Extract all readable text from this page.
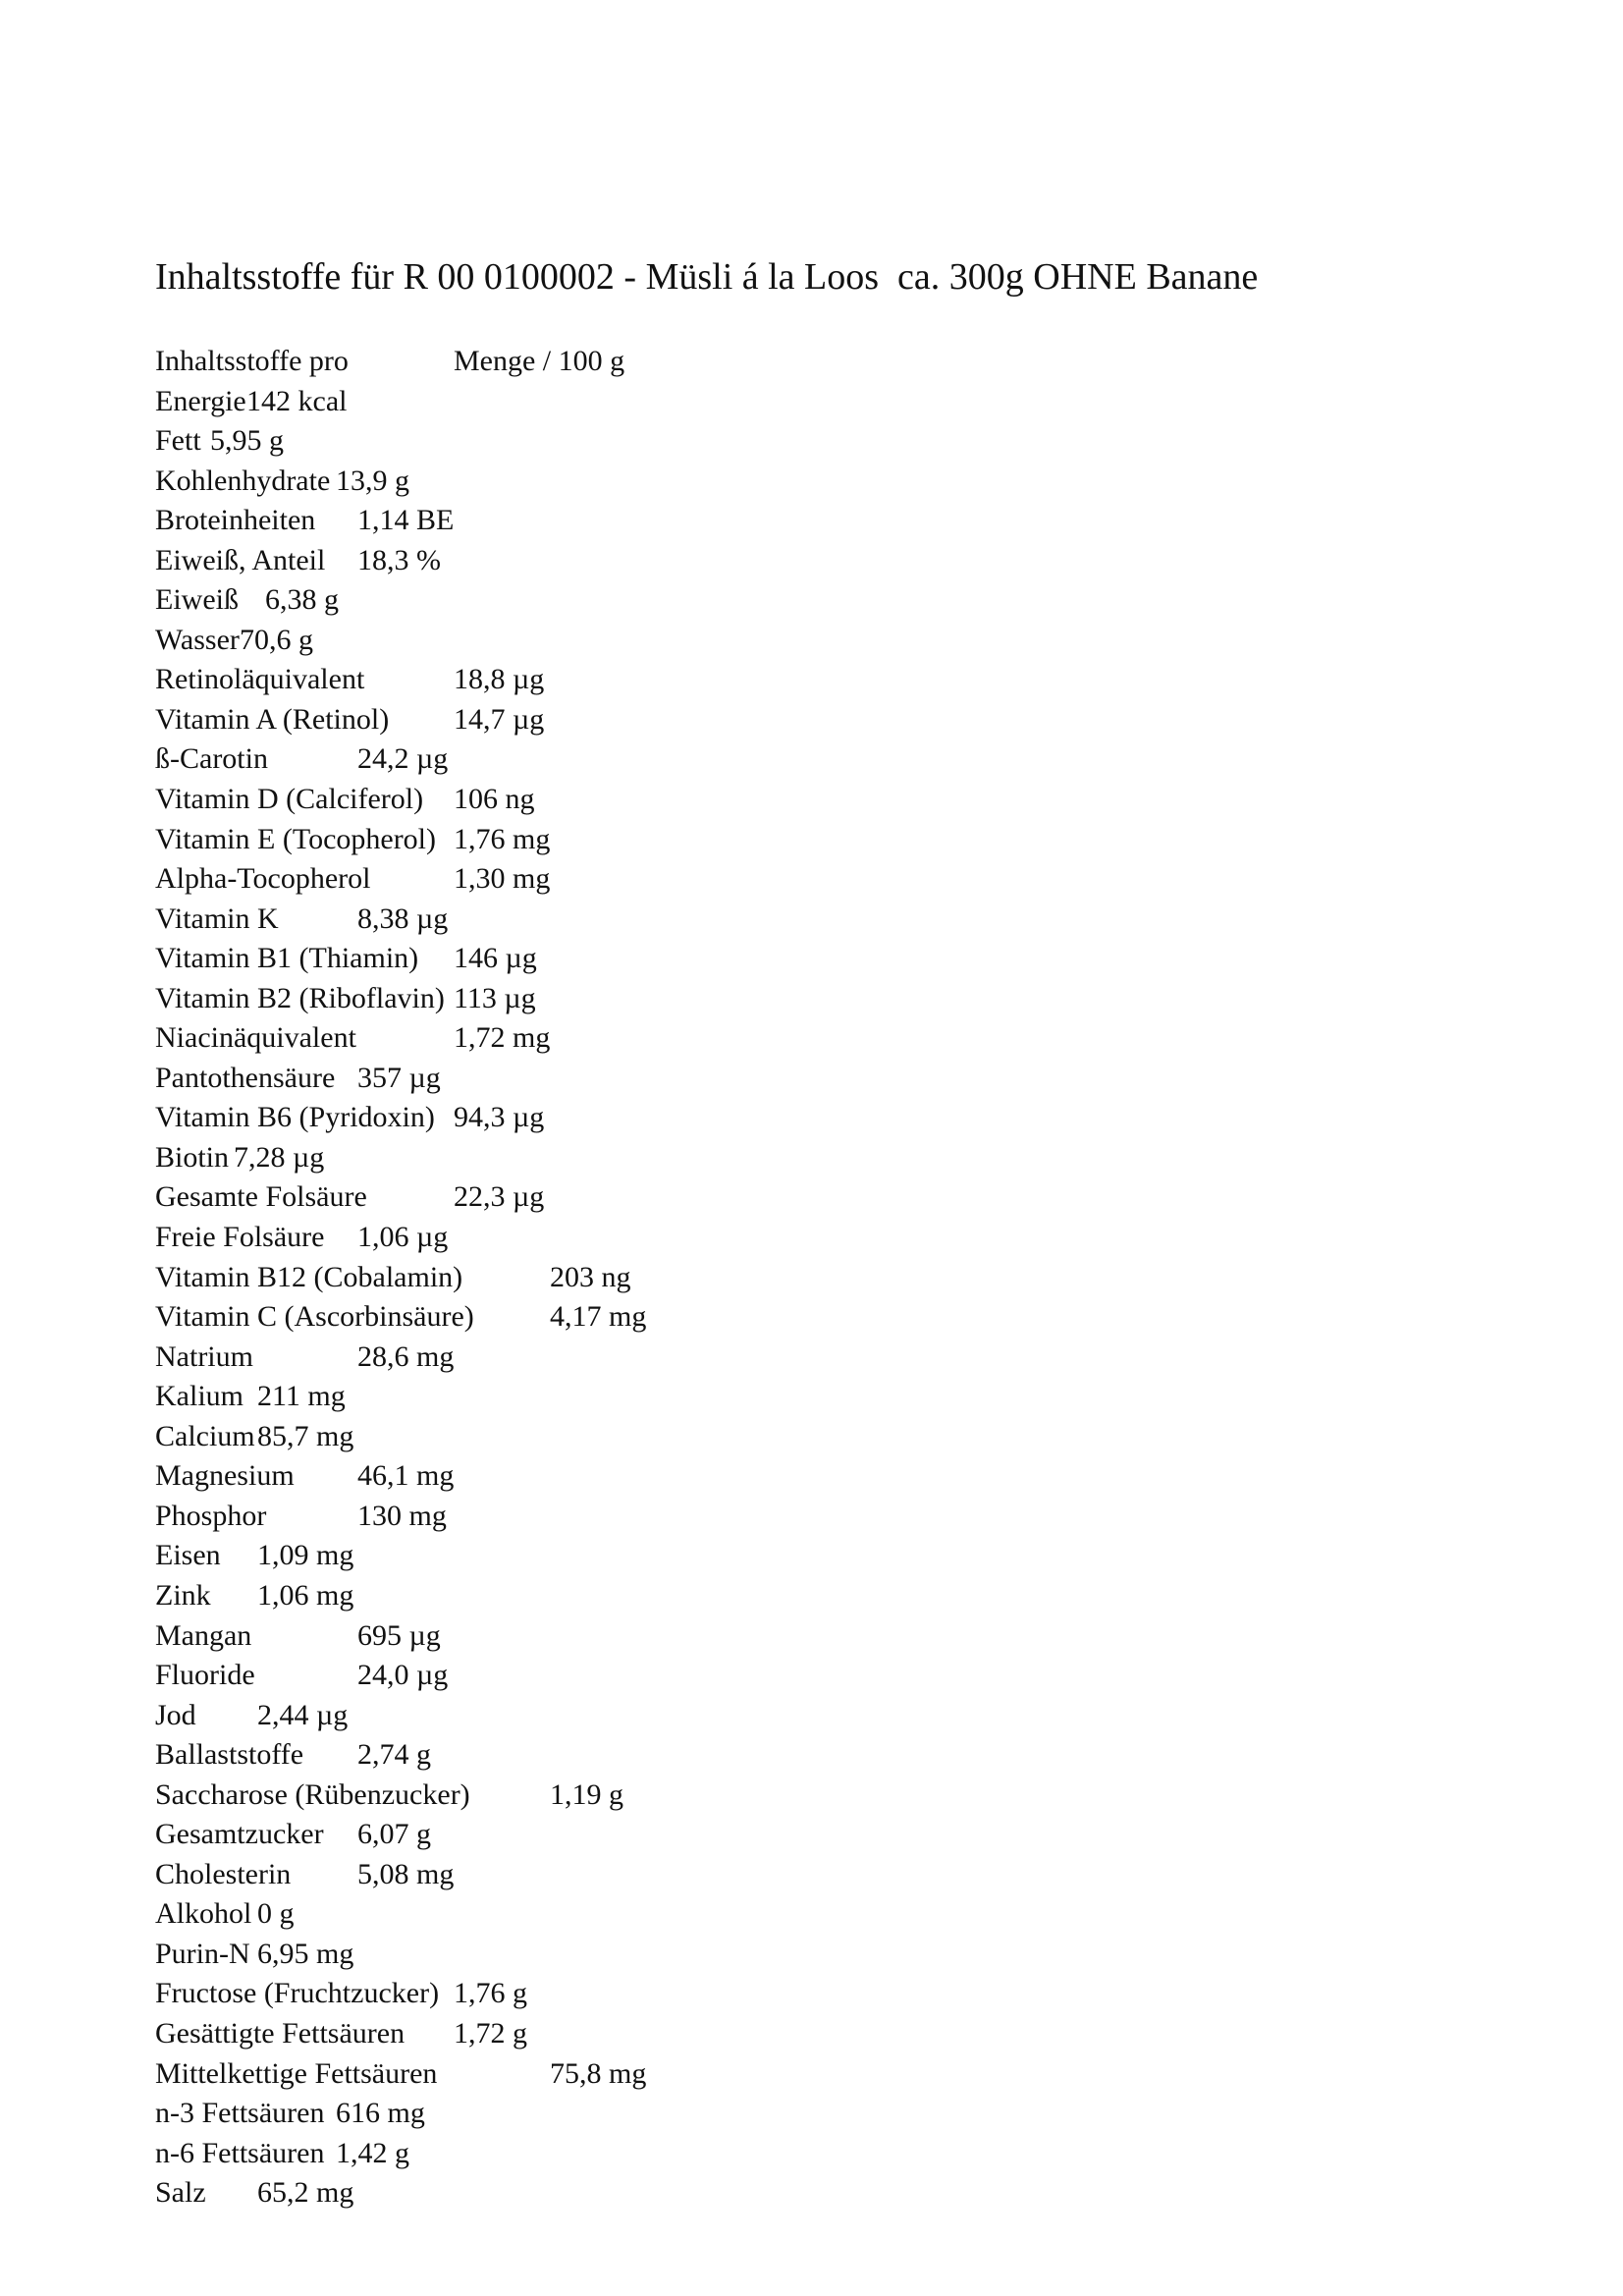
Inhaltsstoffe für R 00 0100002 - Müsli á la Loos  ca. 300g OHNE Banane

Inhaltsstoffe pro

	Menge / 100 g

Energie 142 kcal
Fett 5,95 g
Kohlenhydrate 13,9 g
Broteinheiten 1,14 BE
Eiweiß, Anteil 18,3 %
Eiweiß 6,38 g
Wasser 70,6 g
Retinoläquivalent	18,8 µg
Vitamin A (Retinol) 14,7 µg
ß-Carotin	24,2 µg
Vitamin D (Calciferol) 106 ng
Vitamin E (Tocopherol) 1,76 mg
Alpha-Tocopherol	1,30 mg
Vitamin K	8,38 µg
Vitamin B1 (Thiamin) 146 µg
Vitamin B2 (Riboflavin) 113 µg
Niacinäquivalent	1,72 mg
Pantothensäure 357 µg
Vitamin B6 (Pyridoxin) 94,3 µg
Biotin 7,28 µg
Gesamte Folsäure	22,3 µg
Freie Folsäure 1,06 µg
Vitamin B12 (Cobalamin)	203 ng
Vitamin C (Ascorbinsäure)	4,17 mg
Natrium	28,6 mg
Kalium 211 mg
Calcium 85,7 mg
Magnesium 46,1 mg
Phosphor	130 mg
Eisen 1,09 mg
Zink 1,06 mg
Mangan	695 µg
Fluoride	24,0 µg
Jod 2,44 µg
Ballaststoffe 2,74 g
Saccharose (Rübenzucker)	1,19 g
Gesamtzucker 6,07 g
Cholesterin 5,08 mg
Alkohol 0 g
Purin-N 6,95 mg
Fructose (Fruchtzucker) 1,76 g
Gesättigte Fettsäuren 1,72 g
Mittelkettige Fettsäuren	75,8 mg
n-3 Fettsäuren 616 mg
n-6 Fettsäuren 1,42 g
Salz 65,2 mg
